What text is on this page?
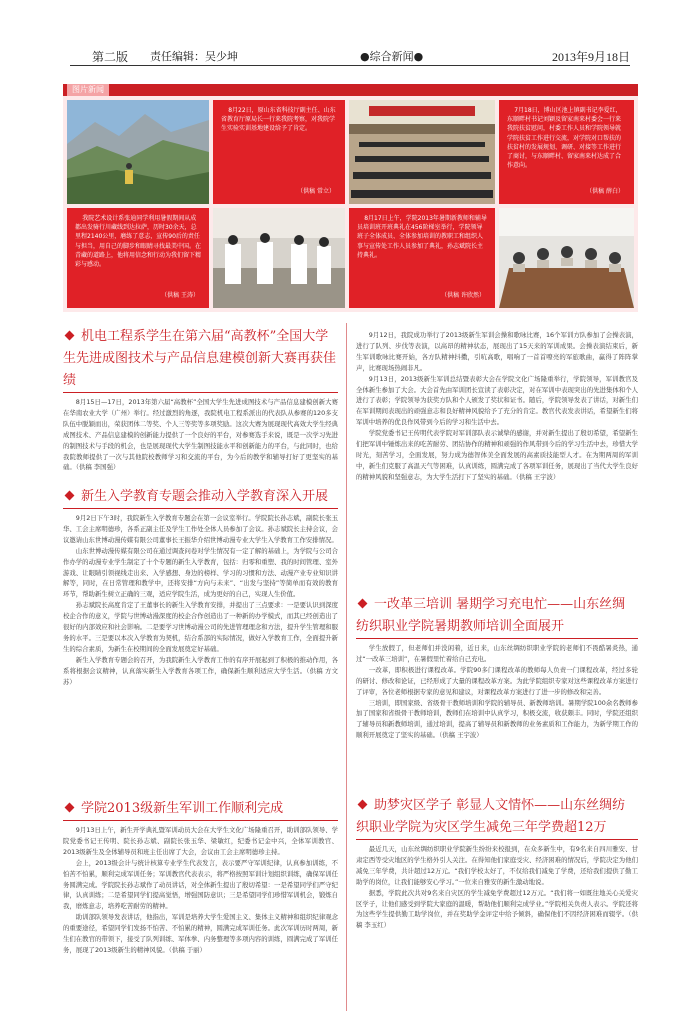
第二版 责任编辑：吴少坤	●综合新闻●	2013年9月18日
图片新闻

8月22日，原山东省科技厅副主任、山东省教育厅原局长一行来我院考察，对我院学生实验实训基地建设给予了肯定。

（供稿 常立）

7月18日，博山区池上镇副书记李爱红，东顺畔村书记刘颖及留家南来村委会一行来我院扶贫慰问，村委工作人员和学院领导就学院扶贫工作进行交流，对学院对口帮扶的扶贫村的发展规划、调研、对接等工作进行了商讨，与东顺畔村、留家南来村达成了合作意向。

（供稿 薛白）

我院艺术设计系张迪同学利用暑假期间从成都出发骑行川藏线到达拉萨，历时30余天，总里程2140公里，磨练了意志，宣传90后的责任与担当，用自己的脚步和眼睛寻找最美中国。在青藏的道路上，他将用信念和行动为我们留下精彩与感动。

（供稿 王涛）

8月17日上午，学院2013年暑期新教师和辅导员培训班开班典礼在456阶梯室举行，学院领导班子全体成员、全体参加培训的教职工和组织人事与宣传处工作人员参加了典礼，孙志斌院长主持典礼。

（供稿 许欣然）
机电工程系学生在第六届“高教杯”全国大学生先进成图技术与产品信息建模创新大赛再获佳绩

8月15日—17日，2013年第六届“高教杯”全国大学生先进成图技术与产品信息建模创新大赛在华南农业大学（广州）举行。经过激烈的角逐，我院机电工程系派出的代表队从参赛的120多支队伍中脱颖而出，荣获团体二等奖、个人三等奖等多项奖励。这次大赛为展现现代高效大学生经典成图技术、产品信息建模的创新能力提供了一个良好的平台，对参赛选手来说，既是一次学习先进的制图技术与手段的机会，也是展现现代大学生制图技能水平和创新能力的平台，与此同时，也给我院教师提供了一次与其他院校教师学习和交流的平台，为今后的教学和辅导打好了更坚实的基础。（供稿 李国强）

新生入学教育专题会推动入学教育深入开展

9月2日下午3时，我院新生入学教育专题会在第一会议室举行。学院院长孙志斌，副院长张玉华、工会主席明德珍，各系正副主任及学生工作处全体人员参加了会议。孙志斌院长主持会议，会议邀请山东世博动漫传媒有限公司董事长王振华介绍世博动漫专业大学生入学教育工作安排情况。

山东世博动漫传媒有限公司在通过调查问卷对学生情况有一定了解的基础上，为学院与公司合作办学的动漫专业学生制定了十个专题的新生入学教育，包括：归零和重塑、我的时间管理、室外游戏、让眼睛引领视线走出来、入学感想、身边的榜样、学习的习惯和方法、动漫产业专业知识讲解等，同时，在日常管理和教学中，还将安排“方向与未来”、“出发与坚持”等简单而有效的教育环节，帮助新生树立正确的三观，适应学院生活，成为更好的自己，实现人生价值。

孙志斌院长高度肯定了王董事长的新生入学教育安排，并提出了三点要求：一是要认识到深度校企合作的意义，学院与世博动漫深度的校企合作创造出了一种新的办学模式，而其已经创造出了很好的内部效应和社会影响。二是要学习世博动漫公司的先进管理理念和方法，提升学生管理和服务的水平。三是要以本次入学教育为契机，结合系部的实际情况，做好入学教育工作，全面提升新生的综合素质，为新生在校期间的全面发展奠定好基础。

新生入学教育专题会的召开，为我院新生入学教育工作的有序开展起到了积极的推动作用，各系将根据会议精神，认真落实新生入学教育各项工作，确保新生顺利适应大学生活。（供稿 方文苏）

学院2013级新生军训工作顺利完成

9月13日上午，新生开学典礼暨军训动员大会在大学生文化广场隆重召开，助训部队领导、学院党委书记王传明、院长孙志斌、副院长张玉华、梁敏红，纪委书记金中兴，全体军训教官、2013级新生及全体辅导员和班主任出席了大会，会议由工会主席明德珍主持。

会上，2013级会计与统计核算专业学生代表发言，表示要严守军训纪律，认真参加训练，不怕苦不怕累，顺利完成军训任务；军训教官代表表示，将严格按照军训计划组织训练，确保军训任务圆满完成。学院院长孙志斌作了动员讲话，对全体新生提出了殷切希望：一是希望同学们严守纪律，认真训练；二是希望同学们提高觉悟，增强国防意识；三是希望同学们珍惜军训机会，锻炼自我，磨炼意志，培养吃苦耐劳的精神。

助训部队领导发表讲话，他指出，军训是培养大学生爱国主义、集体主义精神和组织纪律观念的重要途径，希望同学们发扬不怕苦、不怕累的精神，圆满完成军训任务。此次军训历时两周，新生们在教官的带领下，接受了队列训练、军体拳、内务整理等多项内容的训练，圆满完成了军训任务，展现了2013级新生的精神风貌。（供稿 于丽）

9月12日，我院成功举行了2013级新生军训会操和歌咏比赛，16个军训方队参加了会操表演，进行了队列、步伐等表演，以高昂的精神状态，展现出了15天来的军训成果。会操表演结束后，新生军训歌咏比赛开始，各方队精神抖擞，引吭高歌，唱响了一首首嘹亮的军旅歌曲，赢得了阵阵掌声，比赛现场热闹非凡。

9月13日，2013级新生军训总结暨表彰大会在学院文化广场隆重举行，学院领导，军训教官及全体新生参加了大会。大会首先由军训团长宣读了表彰决定，对在军训中表现突出的先进集体和个人进行了表彰；学院领导为获奖方队和个人颁发了奖状和证书。随后，学院领导发表了讲话，对新生们在军训期间表现出的顽强意志和良好精神风貌给予了充分的肯定。教官代表发表讲话，希望新生们将军训中培养的优良作风带到今后的学习和生活中去。

学院党委书记王传明代表学院对军训部队表示诚挚的感谢，并对新生提出了殷切希望，希望新生们把军训中锤炼出来的吃苦耐劳、团结协作的精神和顽强的作风带到今后的学习生活中去，珍惜大学时光，刻苦学习，全面发展，努力成为德智体美全面发展的高素质技能型人才。在为期两周的军训中，新生们克服了高温天气等困难，认真训练，圆满完成了各项军训任务，展现出了当代大学生良好的精神风貌和坚强意志，为大学生活打下了坚实的基础。（供稿 王宇波）

一改革三培训 暑期学习充电忙——山东丝绸纺织职业学院暑期教师培训全面展开

学生放假了，但老师们并没闲着，近日来，山东丝绸纺织职业学院的老师们不畏酷暑炎热，通过“一改革三培训”，在暑假里忙着给自己充电。

一改革，即积极进行课程改革。学院90多门课程改革的教师每人负责一门课程改革，经过多轮的研讨、修改和论证，已经形成了大量的课程改革方案。为此学院组织专家对这些课程改革方案进行了评审，各位老师根据专家的意见和建议，对课程改革方案进行了进一步的修改和完善。

三培训，即国家级、省级骨干教师培训和学院的辅导员、新教师培训。暑期学院100余名教师参加了国家和省级骨干教师培训，教师们在培训中认真学习，积极交流，收获颇丰。同时，学院还组织了辅导员和新教师培训，通过培训，提高了辅导员和新教师的业务素质和工作能力，为新学期工作的顺利开展奠定了坚实的基础。（供稿 王宇波）

助梦灾区学子 彰显人文情怀——山东丝绸纺织职业学院为灾区学生减免三年学费超12万

最近几天，山东丝绸纺织职业学院新生纷纷来校报到，在众多新生中，有9名来自四川雅安、甘肃定西等受灾地区的学生格外引人关注。在得知他们家庭受灾、经济困难的情况后，学院决定为他们减免三年学费，共计超过12万元。“我们学校太好了，不仅给我们减免了学费，还给我们提供了勤工助学的岗位，让我们能够安心学习。”一位来自雅安的新生激动地说。

据悉，学院此次共对9名来自灾区的学生减免学费超过12万元。“我们将一如既往地关心关爱灾区学子，让他们感受到学院大家庭的温暖，帮助他们顺利完成学业。”学院相关负责人表示。学院还将为这些学生提供勤工助学岗位，并在奖助学金评定中给予倾斜，确保他们不因经济困难而辍学。（供稿 李玉红）
